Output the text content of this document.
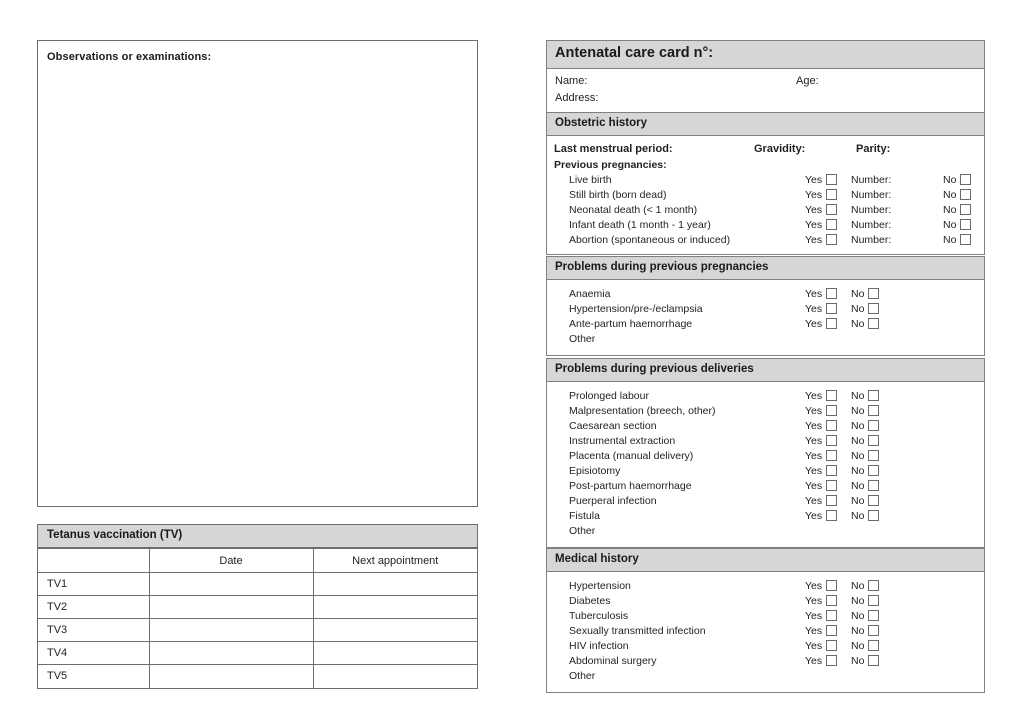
Observations or examinations:
Tetanus vaccination (TV)
	Date	Next appointment
TV1		
TV2		
TV3		
TV4		
TV5		
Antenatal care card n°:
Name:	Age:
Address:
Obstetric history
Last menstrual period:	Gravidity:	Parity:
Previous pregnancies:
Live birth	Yes	Number:	No
Still birth (born dead)	Yes	Number:	No
Neonatal death (< 1 month)	Yes	Number:	No
Infant death (1 month - 1 year)	Yes	Number:	No
Abortion (spontaneous or induced)	Yes	Number:	No
Problems during previous pregnancies
Anaemia	Yes	No
Hypertension/pre-/eclampsia	Yes	No
Ante-partum haemorrhage	Yes	No
Other
Problems during previous deliveries
Prolonged labour	Yes	No
Malpresentation (breech, other)	Yes	No
Caesarean section	Yes	No
Instrumental extraction	Yes	No
Placenta (manual delivery)	Yes	No
Episiotomy	Yes	No
Post-partum haemorrhage	Yes	No
Puerperal infection	Yes	No
Fistula	Yes	No
Other
Medical history
Hypertension	Yes	No
Diabetes	Yes	No
Tuberculosis	Yes	No
Sexually transmitted infection	Yes	No
HIV infection	Yes	No
Abdominal surgery	Yes	No
Other
